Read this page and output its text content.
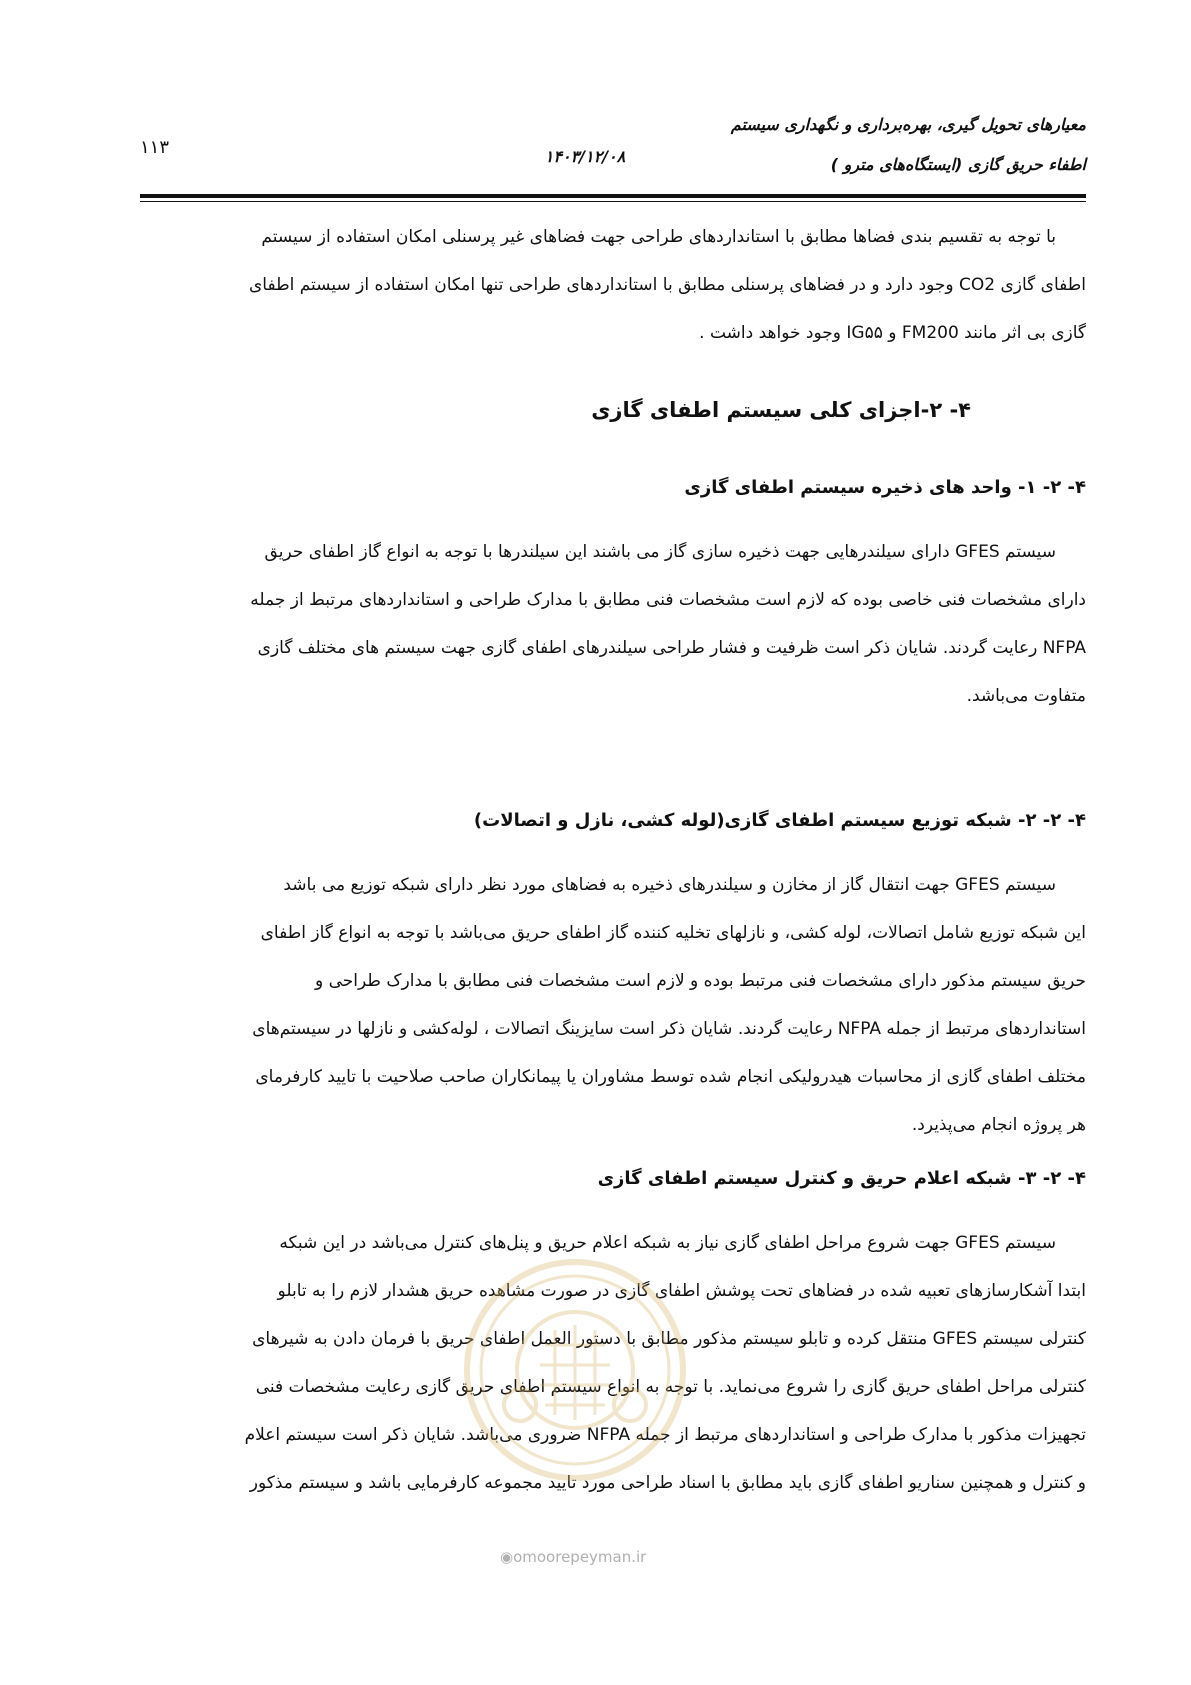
معیارهای تحویل گیری، بهره‌برداری و نگهداری سیستم
اطفاء حریق گازی (ایستگاه‌های مترو )
۱۴۰۳/۱۲/۰۸
۱۱۳

با توجه به تقسیم بندی فضاها مطابق با استانداردهای طراحی جهت فضاهای غیر پرسنلی امکان استفاده از سیستم

اطفای گازی CO2 وجود دارد و در فضاهای پرسنلی مطابق با استانداردهای طراحی تنها امکان استفاده از سیستم اطفای

گازی بی اثر مانند FM200 و IG۵۵ وجود خواهد داشت .

۴- ۲-اجزای کلی سیستم اطفای گازی
۴- ۲- ۱- واحد های ذخیره سیستم اطفای گازی

سیستم GFES دارای سیلندرهایی جهت ذخیره سازی گاز می باشند این سیلندرها با توجه به انواع گاز اطفای حریق

دارای مشخصات فنی خاصی بوده که لازم است مشخصات فنی مطابق با مدارک طراحی و استانداردهای مرتبط از جمله

NFPA رعایت گردند. شایان ذکر است ظرفیت و فشار طراحی سیلندرهای اطفای گازی جهت سیستم های مختلف گازی

متفاوت می‌باشد.

۴- ۲- ۲- شبکه توزیع سیستم اطفای گازی(لوله کشی، نازل و اتصالات)

سیستم GFES جهت انتقال گاز از مخازن و سیلندرهای ذخیره به فضاهای مورد نظر دارای شبکه توزیع می باشد

این شبکه توزیع شامل اتصالات، لوله کشی، و نازلهای تخلیه کننده گاز اطفای حریق می‌باشد با توجه به انواع گاز اطفای

حریق سیستم مذکور دارای مشخصات فنی مرتبط بوده و لازم است مشخصات فنی مطابق با مدارک طراحی و

استانداردهای مرتبط از جمله NFPA رعایت گردند. شایان ذکر است سایزینگ اتصالات ، لوله‌کشی و نازلها در سیستم‌های

مختلف اطفای گازی از محاسبات هیدرولیکی انجام شده توسط مشاوران یا پیمانکاران صاحب صلاحیت با تایید کارفرمای

هر پروژه انجام می‌پذیرد.

۴- ۲- ۳- شبکه اعلام حریق و کنترل سیستم اطفای گازی

سیستم GFES جهت شروع مراحل اطفای گازی نیاز به شبکه اعلام حریق و پنل‌های کنترل می‌باشد در این شبکه

ابتدا آشکارسازهای تعبیه شده در فضاهای تحت پوشش اطفای گازی در صورت مشاهده حریق هشدار لازم را به تابلو

کنترلی سیستم GFES منتقل کرده و تابلو سیستم مذکور مطابق با دستور العمل اطفای حریق با فرمان دادن به شیرهای

کنترلی مراحل اطفای حریق گازی را شروع می‌نماید. با توجه به انواع سیستم اطفای حریق گازی رعایت مشخصات فنی

تجهیزات مذکور با مدارک طراحی و استانداردهای مرتبط از جمله NFPA ضروری می‌باشد. شایان ذکر است سیستم اعلام

و کنترل و همچنین سناریو اطفای گازی باید مطابق با اسناد طراحی مورد تایید مجموعه کارفرمایی باشد و سیستم مذکور

◉omoorepeyman.ir
